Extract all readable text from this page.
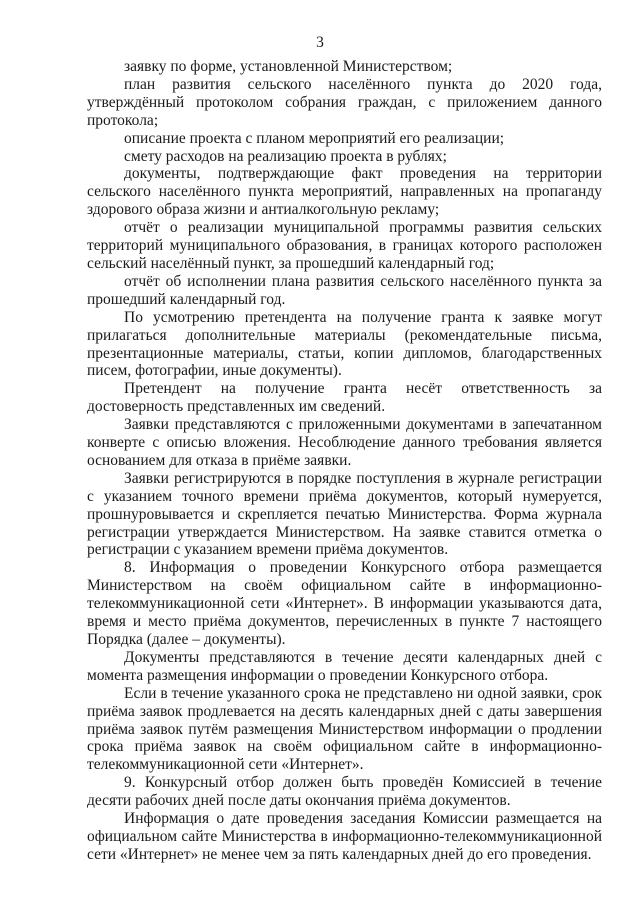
3

заявку по форме, установленной Министерством;

план развития сельского населённого пункта до 2020 года, утверждённый протоколом собрания граждан, с приложением данного протокола;

описание проекта с планом мероприятий его реализации;

смету расходов на реализацию проекта в рублях;

документы, подтверждающие факт проведения на территории сельского населённого пункта мероприятий, направленных на пропаганду здорового образа жизни и антиалкогольную рекламу;

отчёт о реализации муниципальной программы развития сельских территорий муниципального образования, в границах которого расположен сельский населённый пункт, за прошедший календарный год;

отчёт об исполнении плана развития сельского населённого пункта за прошедший календарный год.

По усмотрению претендента на получение гранта к заявке могут прилагаться дополнительные материалы (рекомендательные письма, презентационные материалы, статьи, копии дипломов, благодарственных писем, фотографии, иные документы).

Претендент на получение гранта несёт ответственность за достоверность представленных им сведений.

Заявки представляются с приложенными документами в запечатанном конверте с описью вложения. Несоблюдение данного требования является основанием для отказа в приёме заявки.

Заявки регистрируются в порядке поступления в журнале регистрации с указанием точного времени приёма документов, который нумеруется, прошнуровывается и скрепляется печатью Министерства. Форма журнала регистрации утверждается Министерством. На заявке ставится отметка о регистрации с указанием времени приёма документов.

8. Информация о проведении Конкурсного отбора размещается Министерством на своём официальном сайте в информационно-телекоммуникационной сети «Интернет». В информации указываются дата, время и место приёма документов, перечисленных в пункте 7 настоящего Порядка (далее – документы).

Документы представляются в течение десяти календарных дней с момента размещения информации о проведении Конкурсного отбора.

Если в течение указанного срока не представлено ни одной заявки, срок приёма заявок продлевается на десять календарных дней с даты завершения приёма заявок путём размещения Министерством информации о продлении срока приёма заявок на своём официальном сайте в информационно-телекоммуникационной сети «Интернет».

9. Конкурсный отбор должен быть проведён Комиссией в течение десяти рабочих дней после даты окончания приёма документов.

Информация о дате проведения заседания Комиссии размещается на официальном сайте Министерства в информационно-телекоммуникационной сети «Интернет» не менее чем за пять календарных дней до его проведения.
